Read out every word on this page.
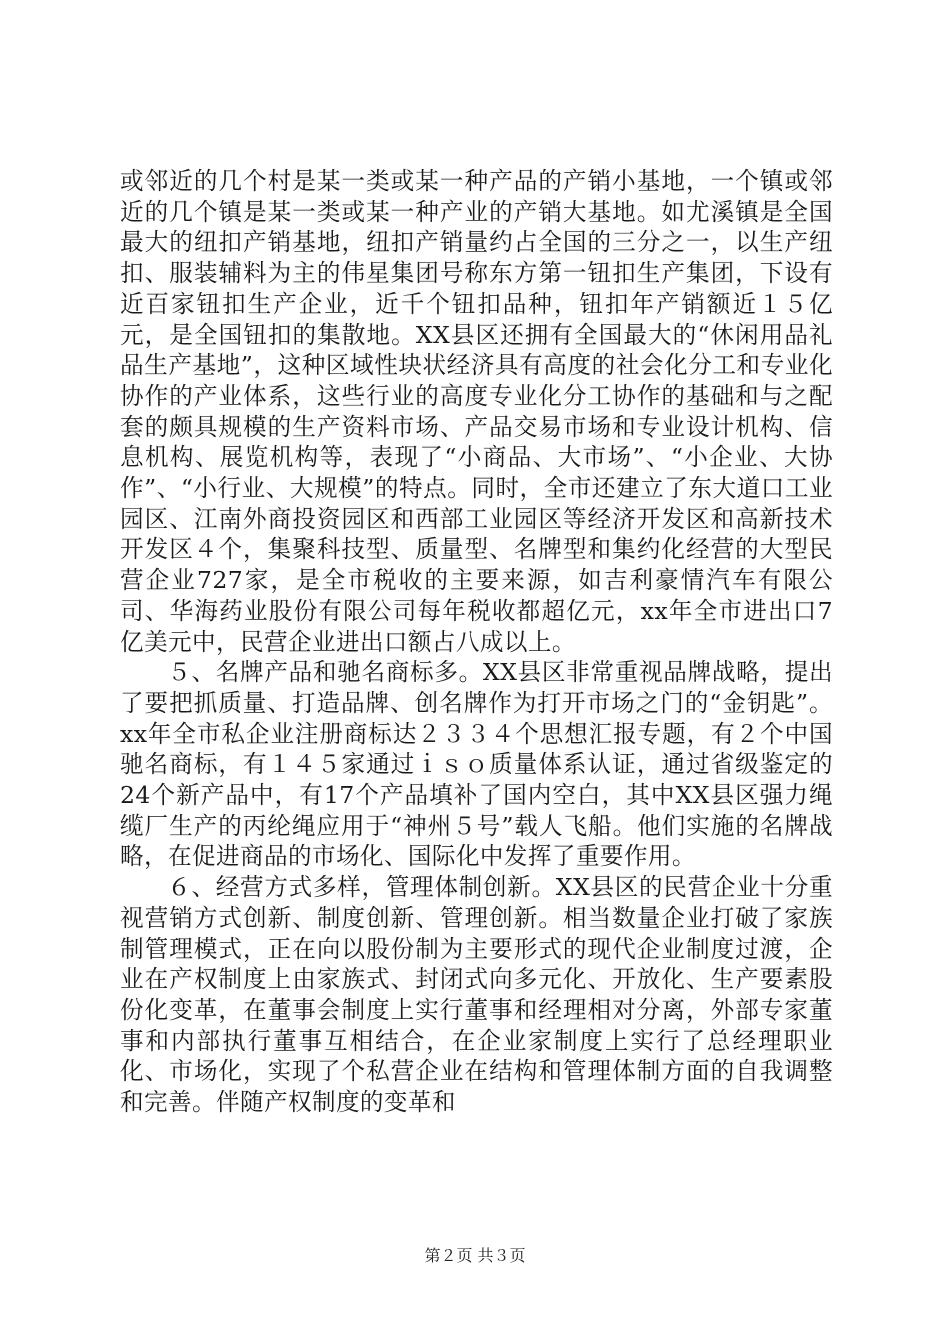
或邻近的几个村是某一类或某一种产品的产销小基地，一个镇或邻近的几个镇是某一类或某一种产业的产销大基地。如尤溪镇是全国最大的纽扣产销基地，纽扣产销量约占全国的三分之一，以生产纽扣、服装辅料为主的伟星集团号称东方第一钮扣生产集团，下设有近百家钮扣生产企业，近千个钮扣品种，钮扣年产销额近１５亿元，是全国钮扣的集散地。XX县区还拥有全国最大的“休闲用品礼品生产基地”，这种区域性块状经济具有高度的社会化分工和专业化协作的产业体系，这些行业的高度专业化分工协作的基础和与之配套的颇具规模的生产资料市场、产品交易市场和专业设计机构、信息机构、展览机构等，表现了“小商品、大市场”、“小企业、大协作”、“小行业、大规模”的特点。同时，全市还建立了东大道口工业园区、江南外商投资园区和西部工业园区等经济开发区和高新技术开发区４个，集聚科技型、质量型、名牌型和集约化经营的大型民营企业727家，是全市税收的主要来源，如吉利豪情汽车有限公司、华海药业股份有限公司每年税收都超亿元，xx年全市进出口7亿美元中，民营企业进出口额占八成以上。

５、名牌产品和驰名商标多。XX县区非常重视品牌战略，提出了要把抓质量、打造品牌、创名牌作为打开市场之门的“金钥匙”。xx年全市私企业注册商标达２３３４个思想汇报专题，有２个中国驰名商标，有１４５家通过ｉｓｏ质量体系认证，通过省级鉴定的24个新产品中，有17个产品填补了国内空白，其中XX县区强力绳缆厂生产的丙纶绳应用于“神州５号”载人飞船。他们实施的名牌战略，在促进商品的市场化、国际化中发挥了重要作用。

６、经营方式多样，管理体制创新。XX县区的民营企业十分重视营销方式创新、制度创新、管理创新。相当数量企业打破了家族制管理模式，正在向以股份制为主要形式的现代企业制度过渡，企业在产权制度上由家族式、封闭式向多元化、开放化、生产要素股份化变革，在董事会制度上实行董事和经理相对分离，外部专家董事和内部执行董事互相结合，在企业家制度上实行了总经理职业化、市场化，实现了个私营企业在结构和管理体制方面的自我调整和完善。伴随产权制度的变革和

第２页 共３页
